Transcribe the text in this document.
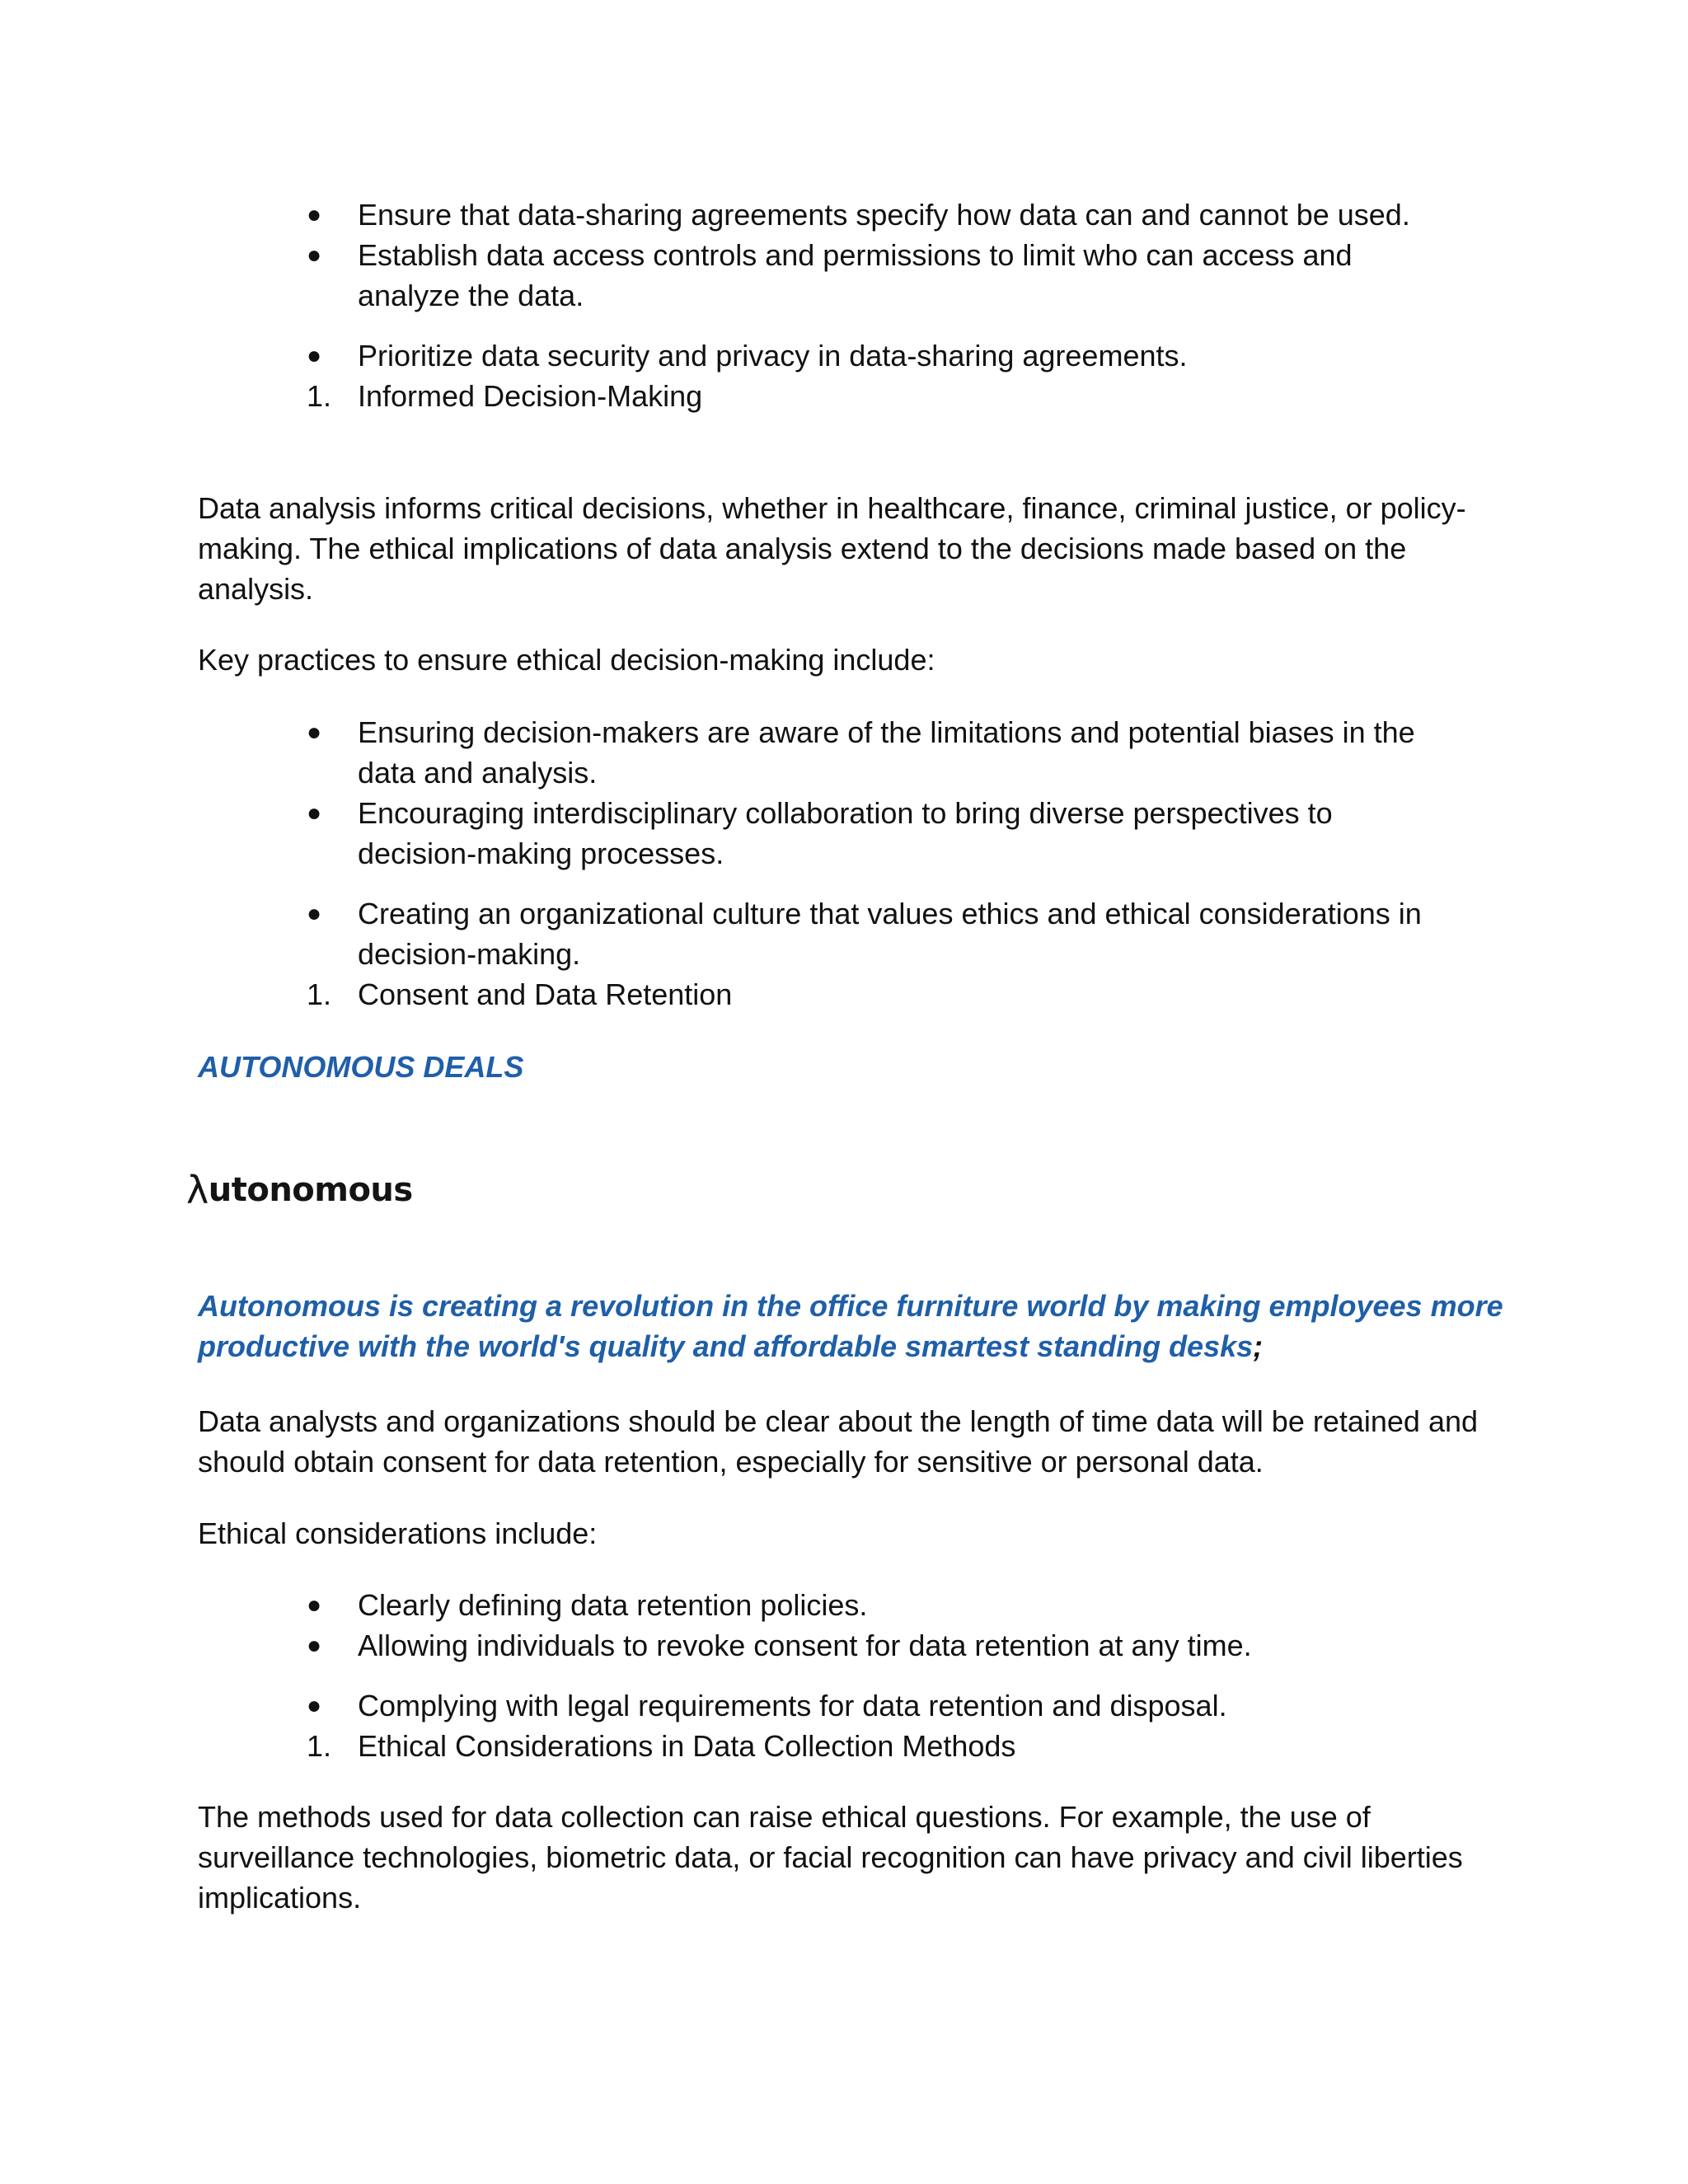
●	Ensure that data-sharing agreements specify how data can and cannot be used.
●	Establish data access controls and permissions to limit who can access and analyze the data.
●	Prioritize data security and privacy in data-sharing agreements.
1. Informed Decision-Making

Data analysis informs critical decisions, whether in healthcare, finance, criminal justice, or policy-making. The ethical implications of data analysis extend to the decisions made based on the analysis.

Key practices to ensure ethical decision-making include:

●	Ensuring decision-makers are aware of the limitations and potential biases in the data and analysis.
●	Encouraging interdisciplinary collaboration to bring diverse perspectives to decision-making processes.
●	Creating an organizational culture that values ethics and ethical considerations in decision-making.
1. Consent and Data Retention

AUTONOMOUS DEALS

λ utonomous

Autonomous is creating a revolution in the office furniture world by making employees more productive with the world's quality and affordable smartest standing desks;

Data analysts and organizations should be clear about the length of time data will be retained and should obtain consent for data retention, especially for sensitive or personal data.

Ethical considerations include:

●	Clearly defining data retention policies.
●	Allowing individuals to revoke consent for data retention at any time.
●	Complying with legal requirements for data retention and disposal.
1. Ethical Considerations in Data Collection Methods

The methods used for data collection can raise ethical questions. For example, the use of surveillance technologies, biometric data, or facial recognition can have privacy and civil liberties implications.
